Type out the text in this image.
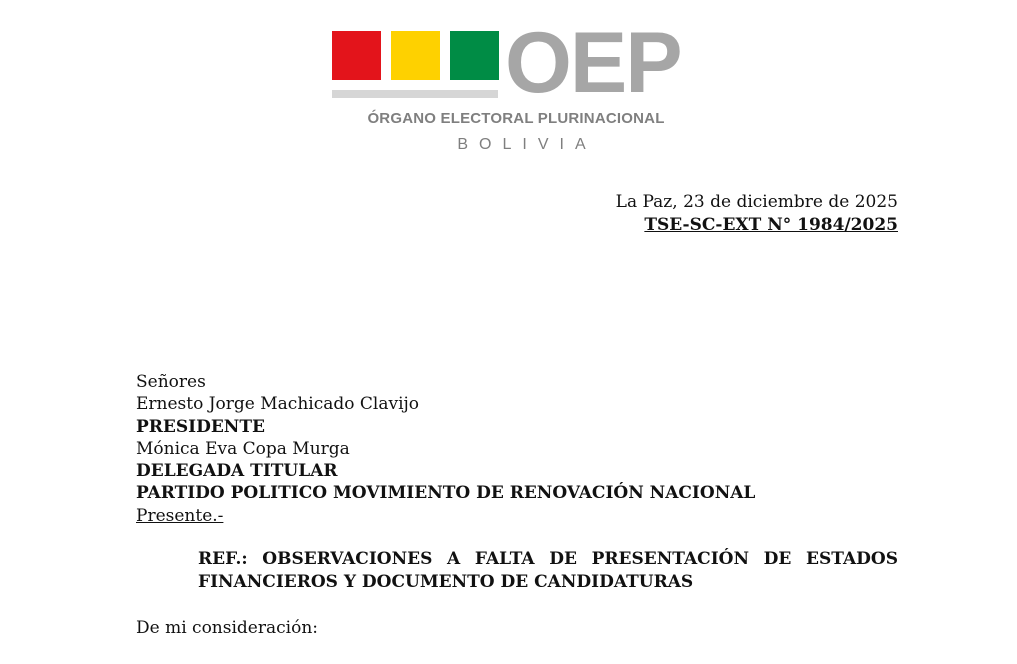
OEP
ÓRGANO ELECTORAL PLURINACIONAL
BOLIVIA
La Paz, 23 de diciembre de 2025
TSE-SC-EXT N° 1984/2025
Señores
Ernesto Jorge Machicado Clavijo
PRESIDENTE
Mónica Eva Copa Murga
DELEGADA TITULAR
PARTIDO POLITICO MOVIMIENTO DE RENOVACIÓN NACIONAL
Presente.-
REF.: OBSERVACIONES A FALTA DE PRESENTACIÓN DE ESTADOS FINANCIEROS Y DOCUMENTO DE CANDIDATURAS
De mi consideración:
